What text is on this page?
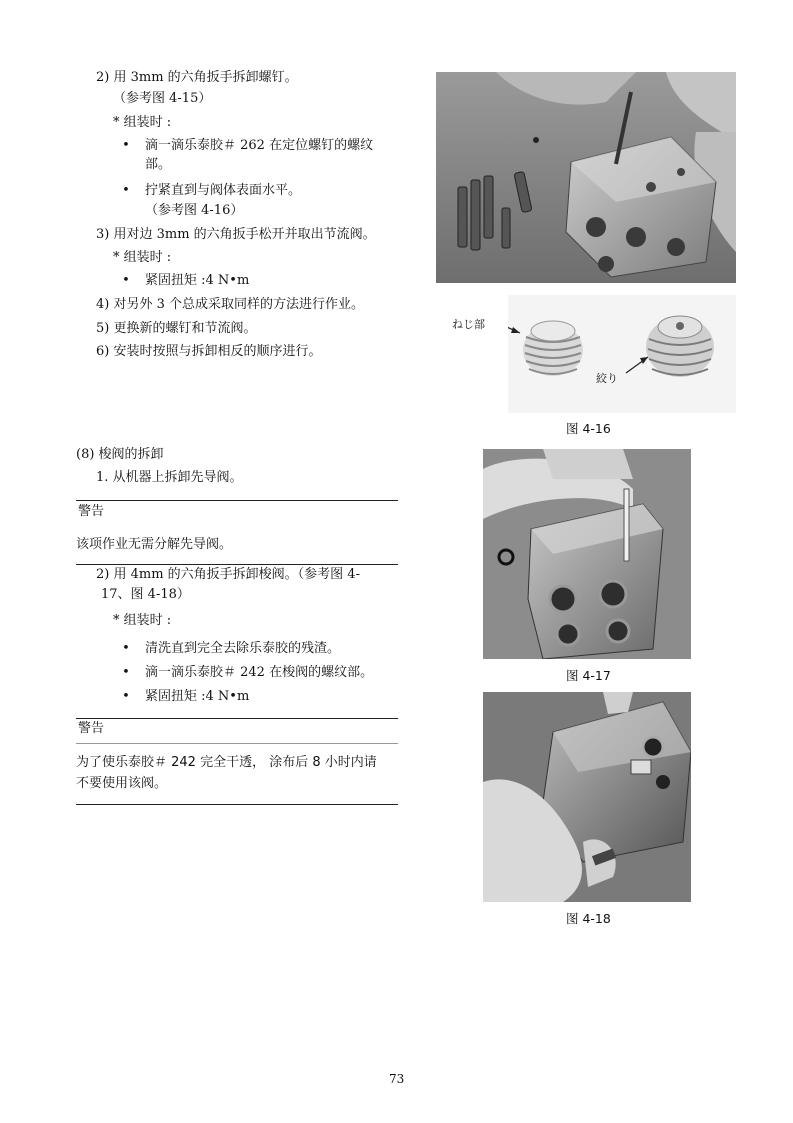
2) 用 3mm 的六角扳手拆卸螺钉。
（参考图 4-15）
* 组装时 :
• 滴一滴乐泰胶＃ 262 在定位螺钉的螺纹
部。
• 拧紧直到与阀体表面水平。
（参考图 4-16）
3) 用对边 3mm 的六角扳手松开并取出节流阀。
* 组装时 :
• 紧固扭矩 :4 N•m
4) 对另外 3 个总成采取同样的方法进行作业。
5) 更换新的螺钉和节流阀。
6) 安装时按照与拆卸相反的顺序进行。
(8) 梭阀的拆卸
1. 从机器上拆卸先导阀。
警告
该项作业无需分解先导阀。
2) 用 4mm 的六角扳手拆卸梭阀。（参考图 4-
17、图 4-18）
* 组装时 :
• 清洗直到完全去除乐泰胶的残渣。
• 滴一滴乐泰胶＃ 242 在梭阀的螺纹部。
• 紧固扭矩 :4 N•m
警告
为了使乐泰胶＃ 242 完全干透， 涂布后 8 小时内请
不要使用该阀。
ねじ部
絞り
图 4-16
图 4-17
图 4-18
73
